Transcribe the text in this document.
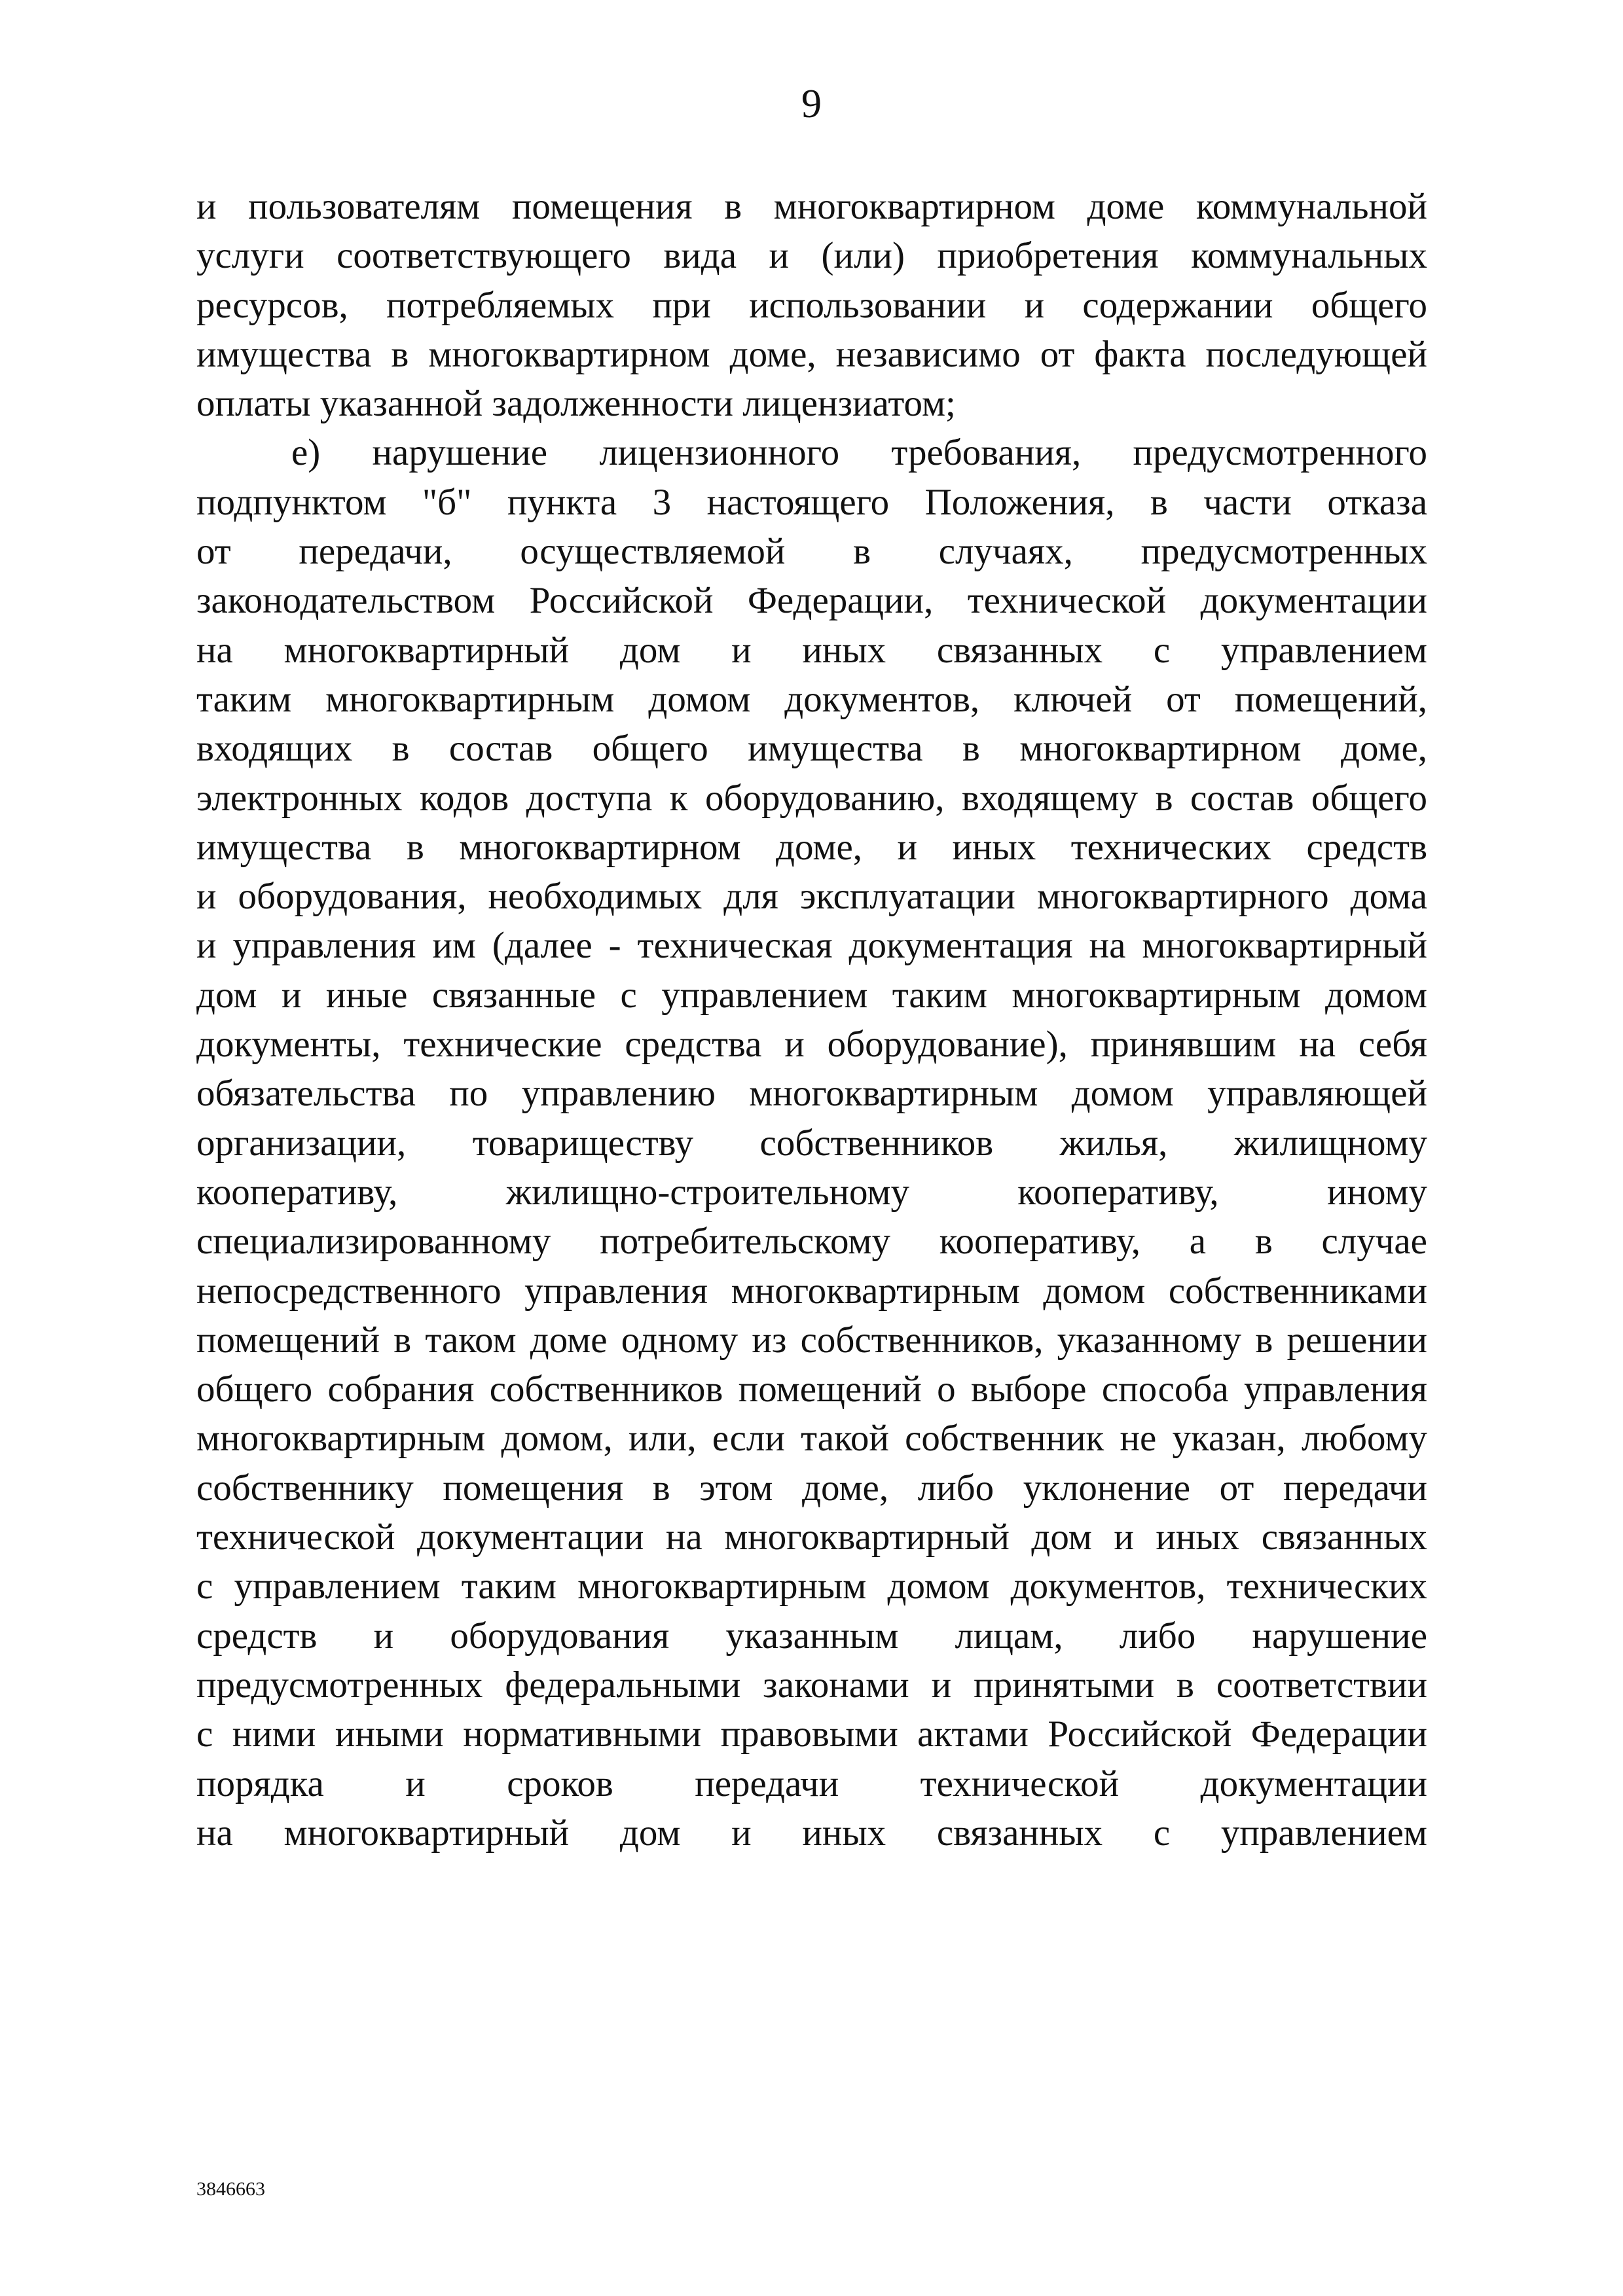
9
и пользователям помещения в многоквартирном доме коммунальной
услуги соответствующего вида и (или) приобретения коммунальных
ресурсов, потребляемых при использовании и содержании общего
имущества в многоквартирном доме, независимо от факта последующей
оплаты указанной задолженности лицензиатом;
е) нарушение лицензионного требования, предусмотренного
подпунктом "б" пункта 3 настоящего Положения, в части отказа
от передачи, осуществляемой в случаях, предусмотренных
законодательством Российской Федерации, технической документации
на многоквартирный дом и иных связанных с управлением
таким многоквартирным домом документов, ключей от помещений,
входящих в состав общего имущества в многоквартирном доме,
электронных кодов доступа к оборудованию, входящему в состав общего
имущества в многоквартирном доме, и иных технических средств
и оборудования, необходимых для эксплуатации многоквартирного дома
и управления им (далее - техническая документация на многоквартирный
дом и иные связанные с управлением таким многоквартирным домом
документы, технические средства и оборудование), принявшим на себя
обязательства по управлению многоквартирным домом управляющей
организации, товариществу собственников жилья, жилищному
кооперативу, жилищно-строительному кооперативу, иному
специализированному потребительскому кооперативу, а в случае
непосредственного управления многоквартирным домом собственниками
помещений в таком доме одному из собственников, указанному в решении
общего собрания собственников помещений о выборе способа управления
многоквартирным домом, или, если такой собственник не указан, любому
собственнику помещения в этом доме, либо уклонение от передачи
технической документации на многоквартирный дом и иных связанных
с управлением таким многоквартирным домом документов, технических
средств и оборудования указанным лицам, либо нарушение
предусмотренных федеральными законами и принятыми в соответствии
с ними иными нормативными правовыми актами Российской Федерации
порядка и сроков передачи технической документации
на многоквартирный дом и иных связанных с управлением
3846663
